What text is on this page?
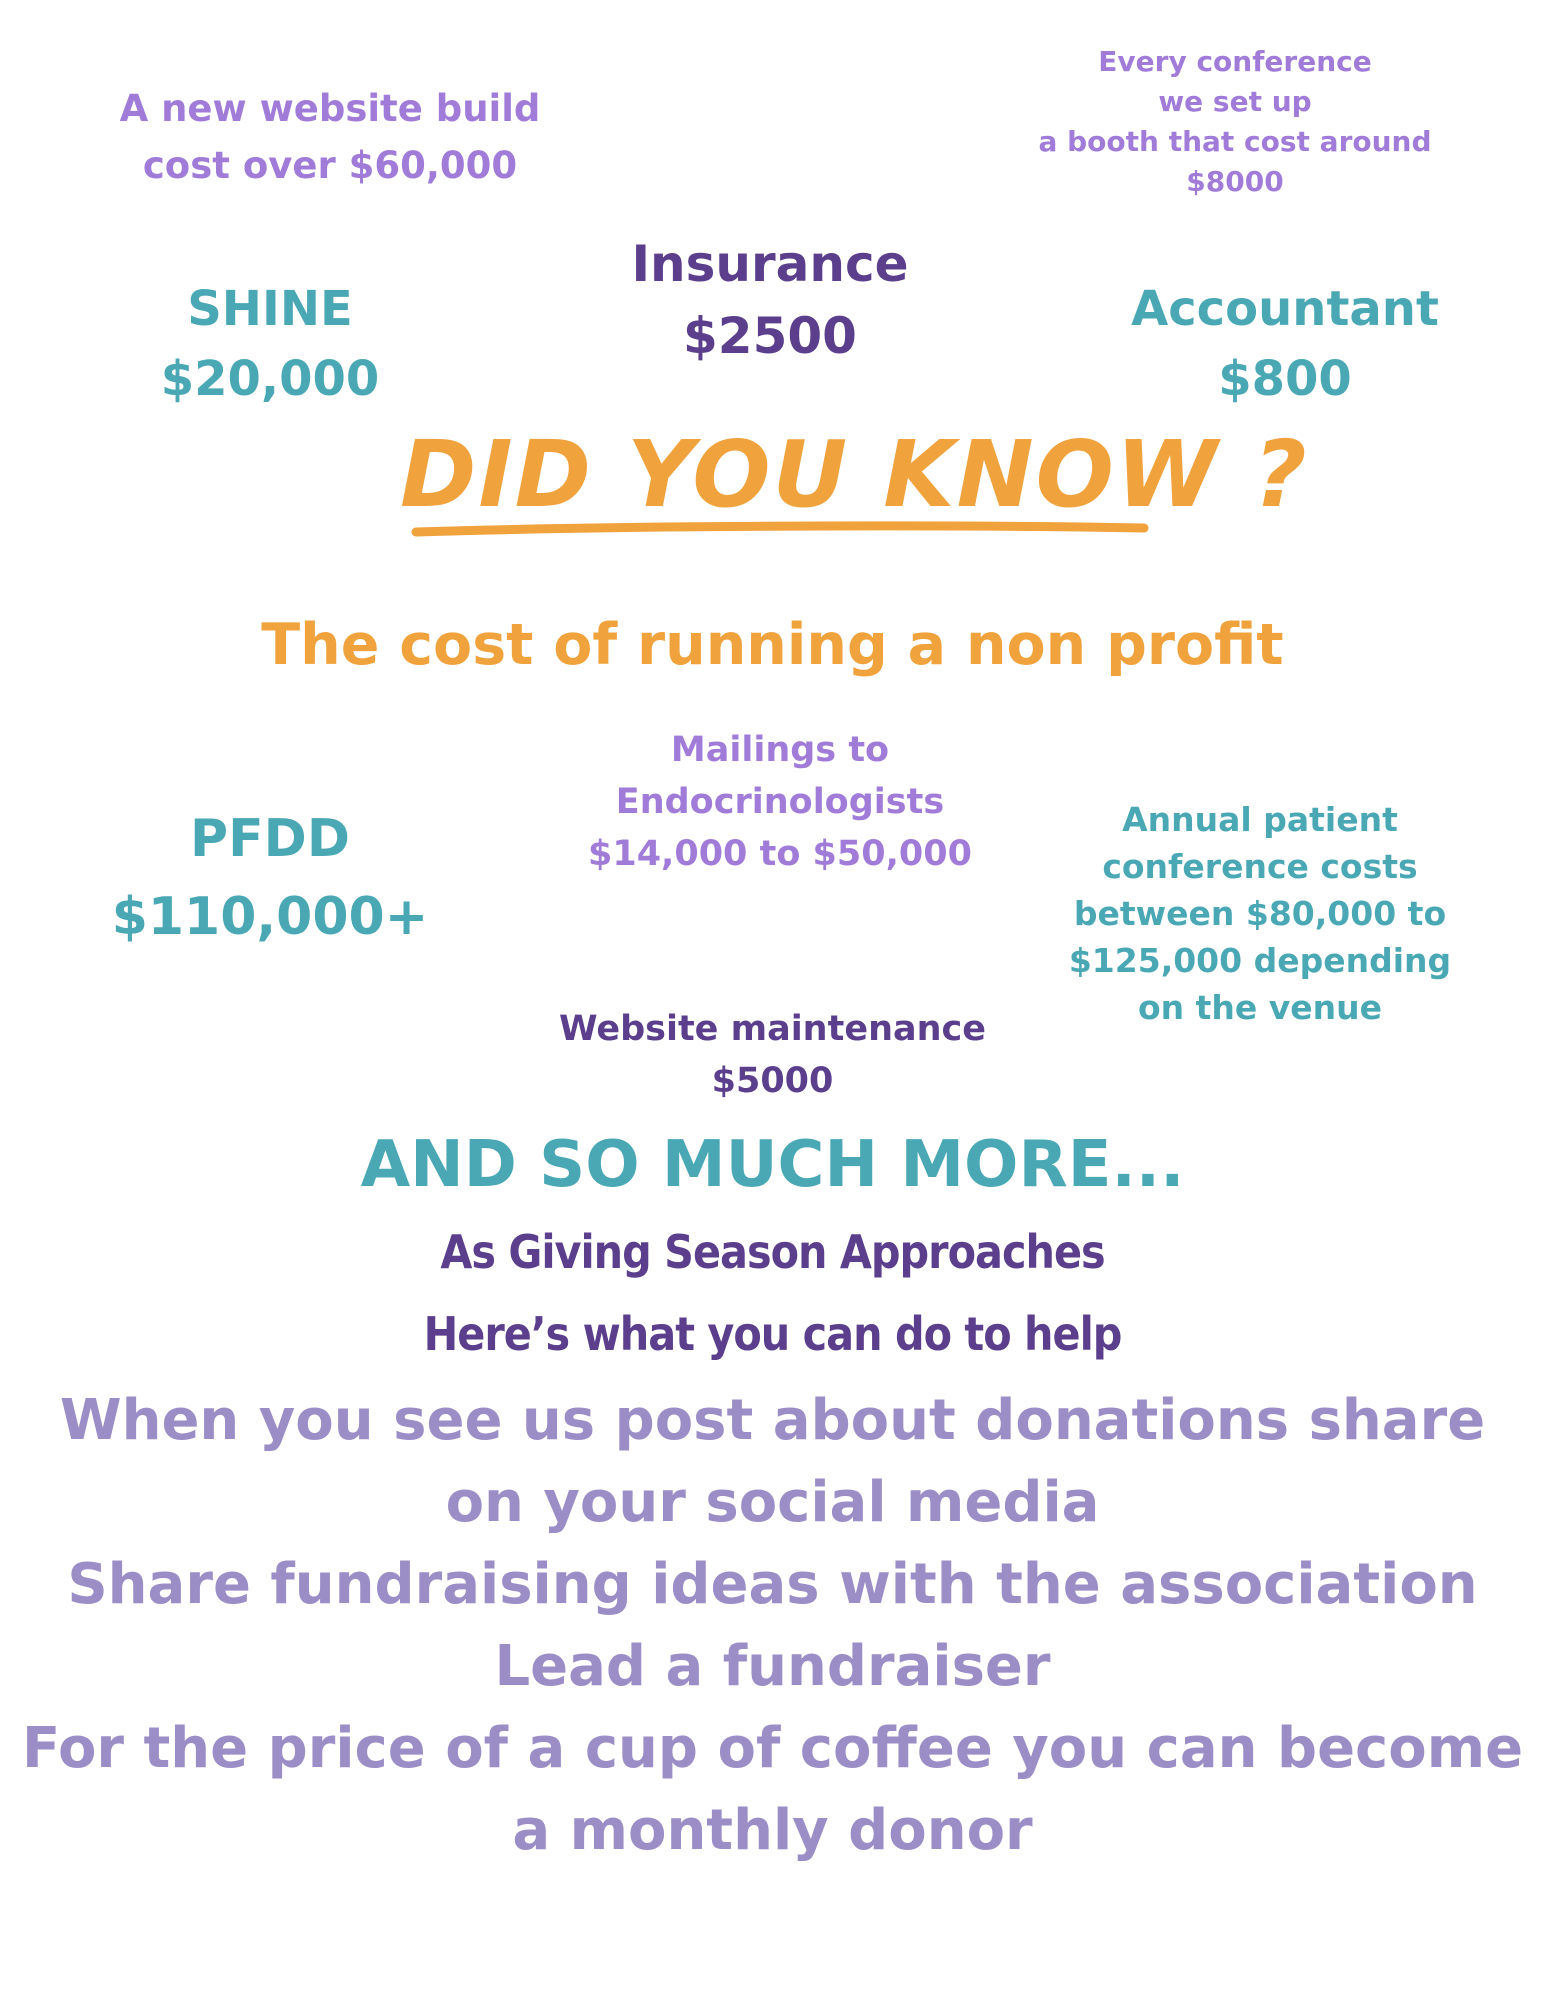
A new website build
cost over $60,000
Every conference
we set up
a booth that cost around
$8000
Insurance
$2500
SHINE
$20,000
Accountant
$800
DID YOU KNOW ?
The cost of running a non profit
PFDD
$110,000+
Mailings to
Endocrinologists
$14,000 to $50,000
Annual patient
conference costs
between $80,000 to
$125,000 depending
on the venue
Website maintenance
$5000
AND SO MUCH MORE...
As Giving Season Approaches
Here’s what you can do to help
When you see us post about donations share on your social media
Share fundraising ideas with the association
Lead a fundraiser
For the price of a cup of coffee you can become a monthly donor
